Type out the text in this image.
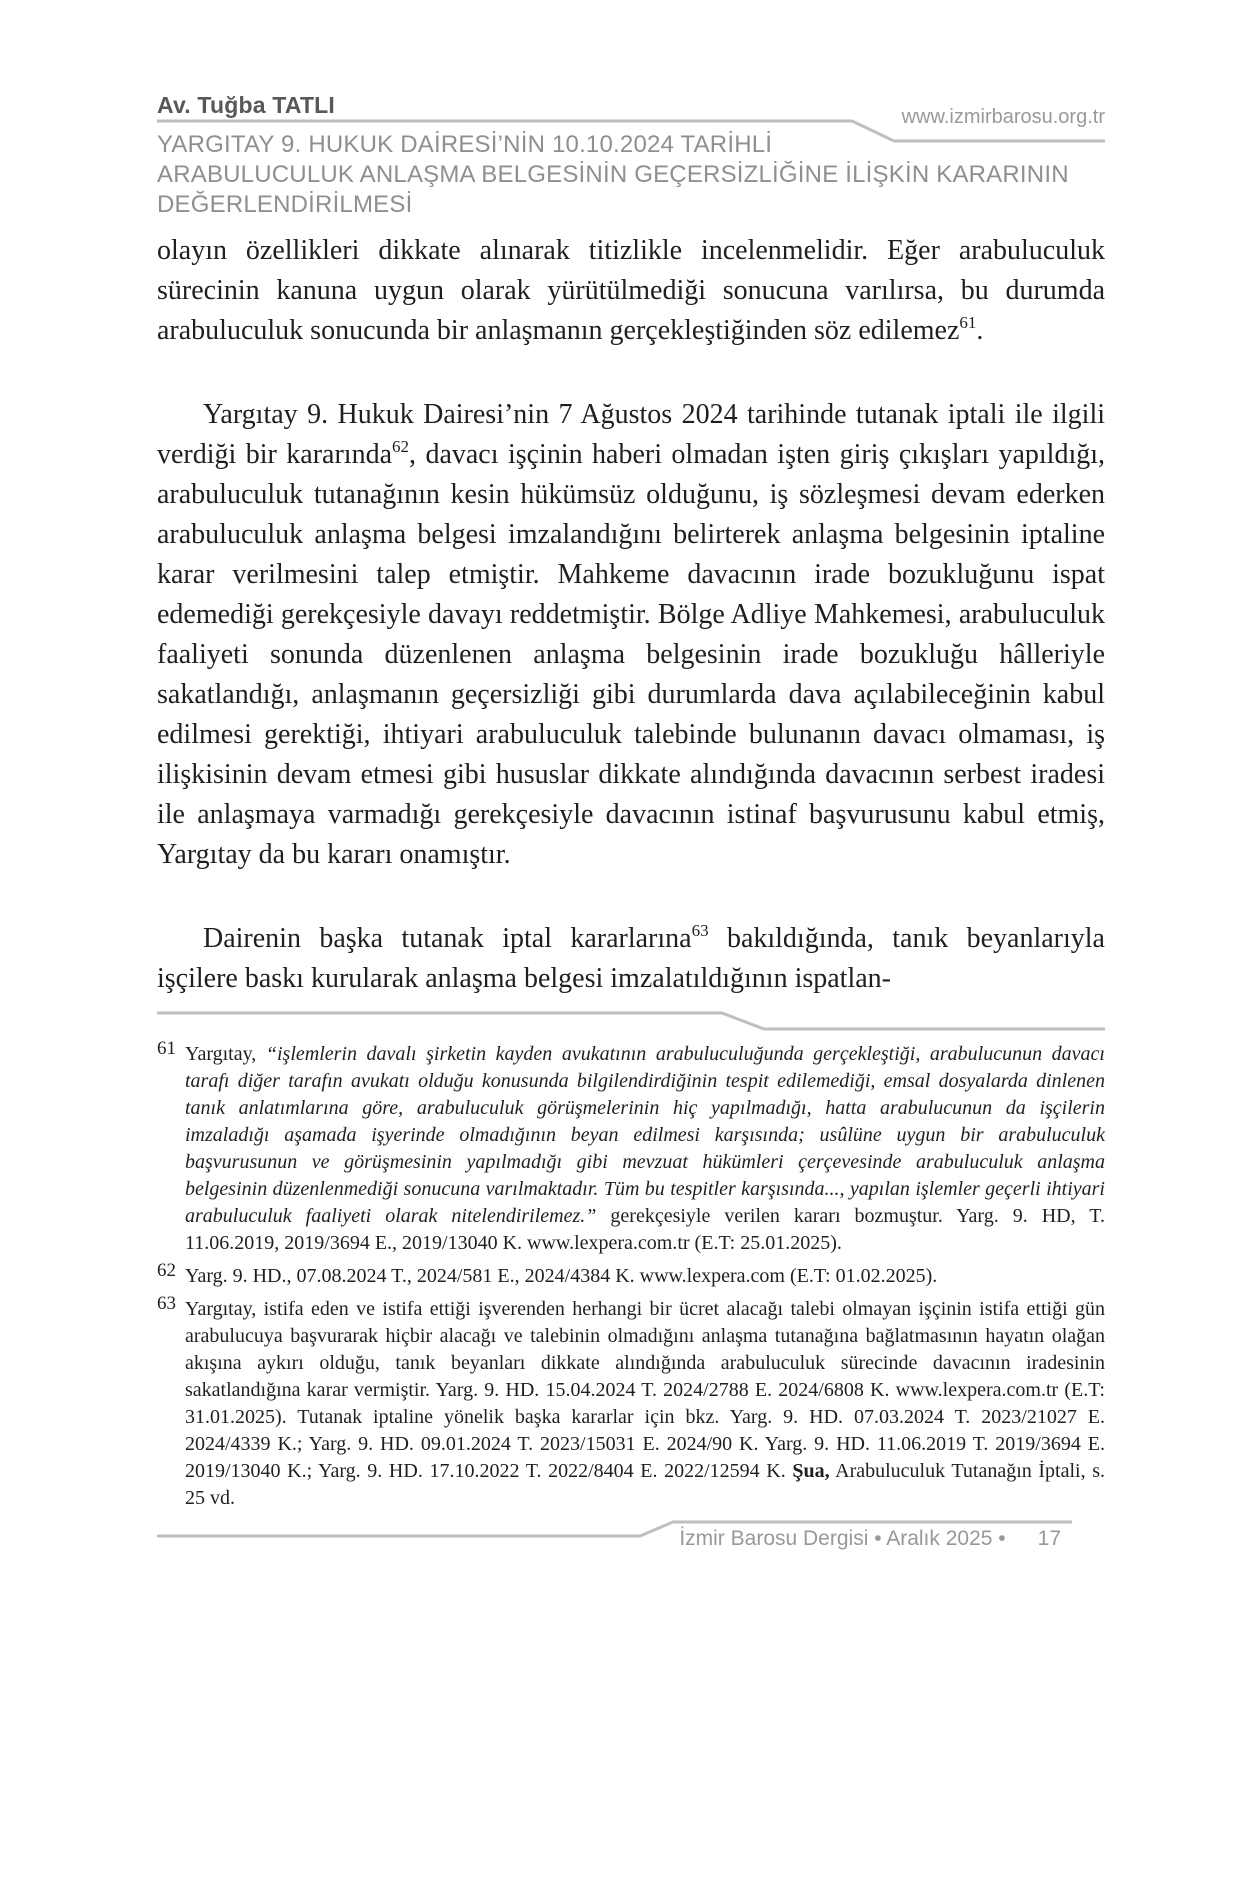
Av. Tuğba TATLI	www.izmirbarosu.org.tr
YARGITAY 9. HUKUK DAİRESİ’NİN 10.10.2024 TARİHLİ
ARABULUCULUK ANLAŞMA BELGESİNİN GEÇERSİZLİĞİNE İLİŞKİN KARARININ
DEĞERLENDİRİLMESİ

olayın özellikleri dikkate alınarak titizlikle incelenmelidir. Eğer arabuluculuk sürecinin kanuna uygun olarak yürütülmediği sonucuna varılırsa, bu durumda arabuluculuk sonucunda bir anlaşmanın gerçekleştiğinden söz edilemez$^{61}$.

Yargıtay 9. Hukuk Dairesi’nin 7 Ağustos 2024 tarihinde tutanak iptali ile ilgili verdiği bir kararında$^{62}$, davacı işçinin haberi olmadan işten giriş çıkışları yapıldığı, arabuluculuk tutanağının kesin hükümsüz olduğunu, iş sözleşmesi devam ederken arabuluculuk anlaşma belgesi imzalandığını belirterek anlaşma belgesinin iptaline karar verilmesini talep etmiştir. Mahkeme davacının irade bozukluğunu ispat edemediği gerekçesiyle davayı reddetmiştir. Bölge Adliye Mahkemesi, arabuluculuk faaliyeti sonunda düzenlenen anlaşma belgesinin irade bozukluğu hâlleriyle sakatlandığı, anlaşmanın geçersizliği gibi durumlarda dava açılabileceğinin kabul edilmesi gerektiği, ihtiyari arabuluculuk talebinde bulunanın davacı olmaması, iş ilişkisinin devam etmesi gibi hususlar dikkate alındığında davacının serbest iradesi ile anlaşmaya varmadığı gerekçesiyle davacının istinaf başvurusunu kabul etmiş, Yargıtay da bu kararı onamıştır.

Dairenin başka tutanak iptal kararlarına$^{63}$ bakıldığında, tanık beyanlarıyla işçilere baskı kurularak anlaşma belgesi imzalatıldığının ispatlan-

61 Yargıtay, “işlemlerin davalı şirketin kayden avukatının arabuluculuğunda gerçekleştiği, arabulucunun davacı tarafı diğer tarafın avukatı olduğu konusunda bilgilendirdiğinin tespit edilemediği, emsal dosyalarda dinlenen tanık anlatımlarına göre, arabuluculuk görüşmelerinin hiç yapılmadığı, hatta arabulucunun da işçilerin imzaladığı aşamada işyerinde olmadığının beyan edilmesi karşısında; usûlüne uygun bir arabuluculuk başvurusunun ve görüşmesinin yapılmadığı gibi mevzuat hükümleri çerçevesinde arabuluculuk anlaşma belgesinin düzenlenmediği sonucuna varılmaktadır. Tüm bu tespitler karşısında..., yapılan işlemler geçerli ihtiyari arabuluculuk faaliyeti olarak nitelendirilemez.” gerekçesiyle verilen kararı bozmuştur. Yarg. 9. HD, T. 11.06.2019, 2019/3694 E., 2019/13040 K. www.lexpera.com.tr (E.T: 25.01.2025).
62 Yarg. 9. HD., 07.08.2024 T., 2024/581 E., 2024/4384 K. www.lexpera.com (E.T: 01.02.2025).
63 Yargıtay, istifa eden ve istifa ettiği işverenden herhangi bir ücret alacağı talebi olmayan işçinin istifa ettiği gün arabulucuya başvurarak hiçbir alacağı ve talebinin olmadığını anlaşma tutanağına bağlatmasının hayatın olağan akışına aykırı olduğu, tanık beyanları dikkate alındığında arabuluculuk sürecinde davacının iradesinin sakatlandığına karar vermiştir. Yarg. 9. HD. 15.04.2024 T. 2024/2788 E. 2024/6808 K. www.lexpera.com.tr (E.T: 31.01.2025). Tutanak iptaline yönelik başka kararlar için bkz. Yarg. 9. HD. 07.03.2024 T. 2023/21027 E. 2024/4339 K.; Yarg. 9. HD. 09.01.2024 T. 2023/15031 E. 2024/90 K. Yarg. 9. HD. 11.06.2019 T. 2019/3694 E. 2019/13040 K.; Yarg. 9. HD. 17.10.2022 T. 2022/8404 E. 2022/12594 K. Şua, Arabuluculuk Tutanağın İptali, s. 25 vd.
İzmir Barosu Dergisi • Aralık 2025 • 17
